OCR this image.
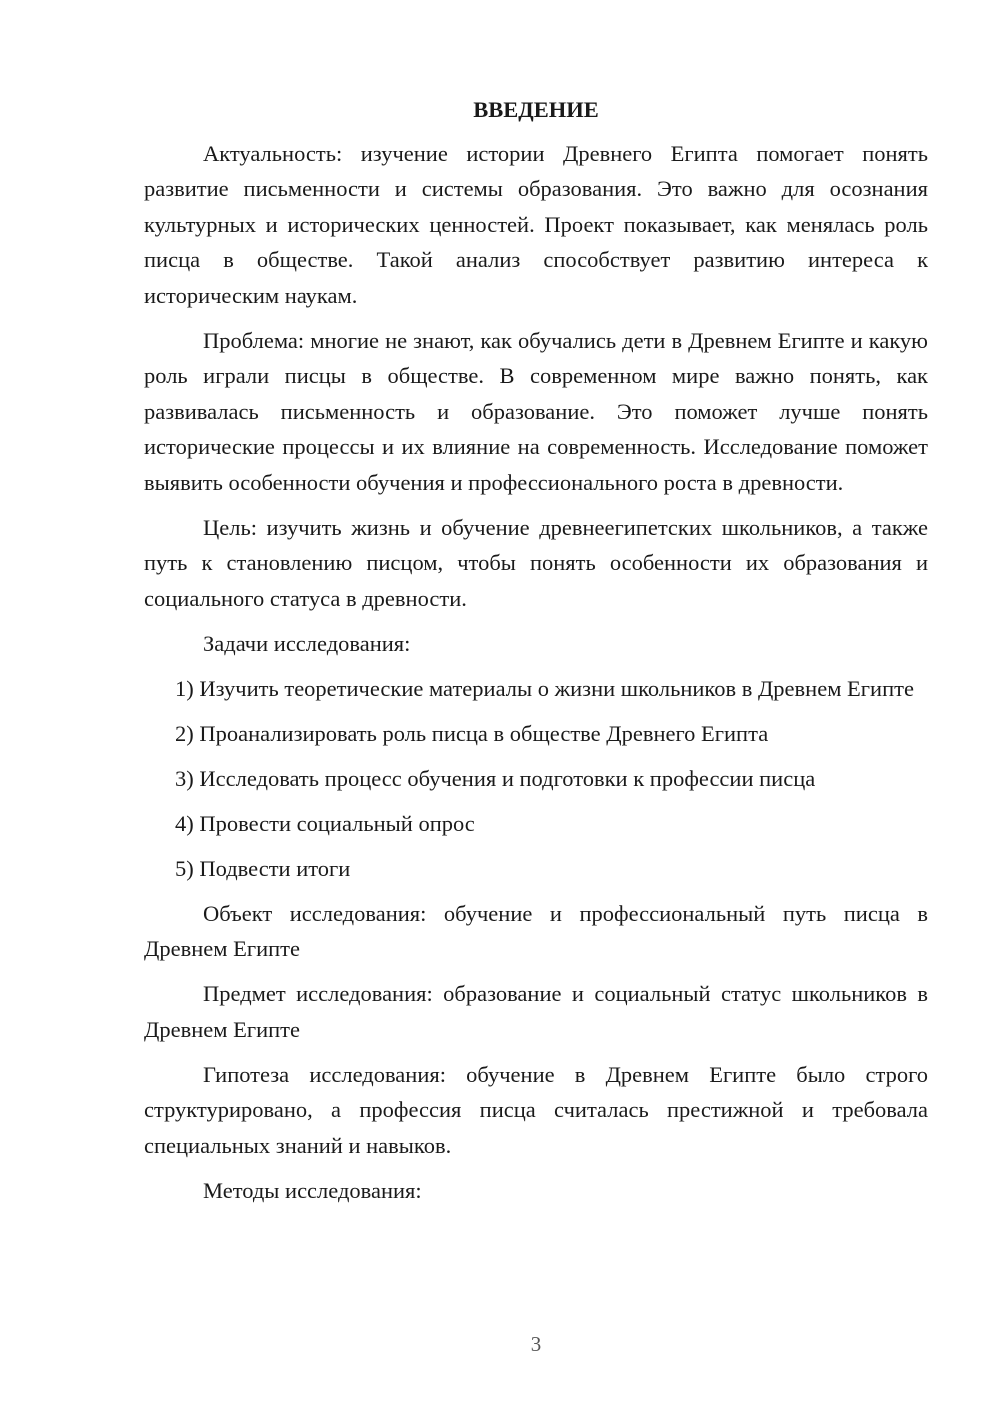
ВВЕДЕНИЕ

Актуальность: изучение истории Древнего Египта помогает понять развитие письменности и системы образования. Это важно для осознания культурных и исторических ценностей. Проект показывает, как менялась роль писца в обществе. Такой анализ способствует развитию интереса к историческим наукам.

Проблема: многие не знают, как обучались дети в Древнем Египте и какую роль играли писцы в обществе. В современном мире важно понять, как развивалась письменность и образование. Это поможет лучше понять исторические процессы и их влияние на современность. Исследование поможет выявить особенности обучения и профессионального роста в древности.

Цель: изучить жизнь и обучение древнеегипетских школьников, а также путь к становлению писцом, чтобы понять особенности их образования и социального статуса в древности.

Задачи исследования:

1) Изучить теоретические материалы о жизни школьников в Древнем Египте

2) Проанализировать роль писца в обществе Древнего Египта

3) Исследовать процесс обучения и подготовки к профессии писца

4) Провести социальный опрос

5) Подвести итоги

Объект исследования: обучение и профессиональный путь писца в Древнем Египте

Предмет исследования: образование и социальный статус школьников в Древнем Египте

Гипотеза исследования: обучение в Древнем Египте было строго структурировано, а профессия писца считалась престижной и требовала специальных знаний и навыков.

Методы исследования:

3
